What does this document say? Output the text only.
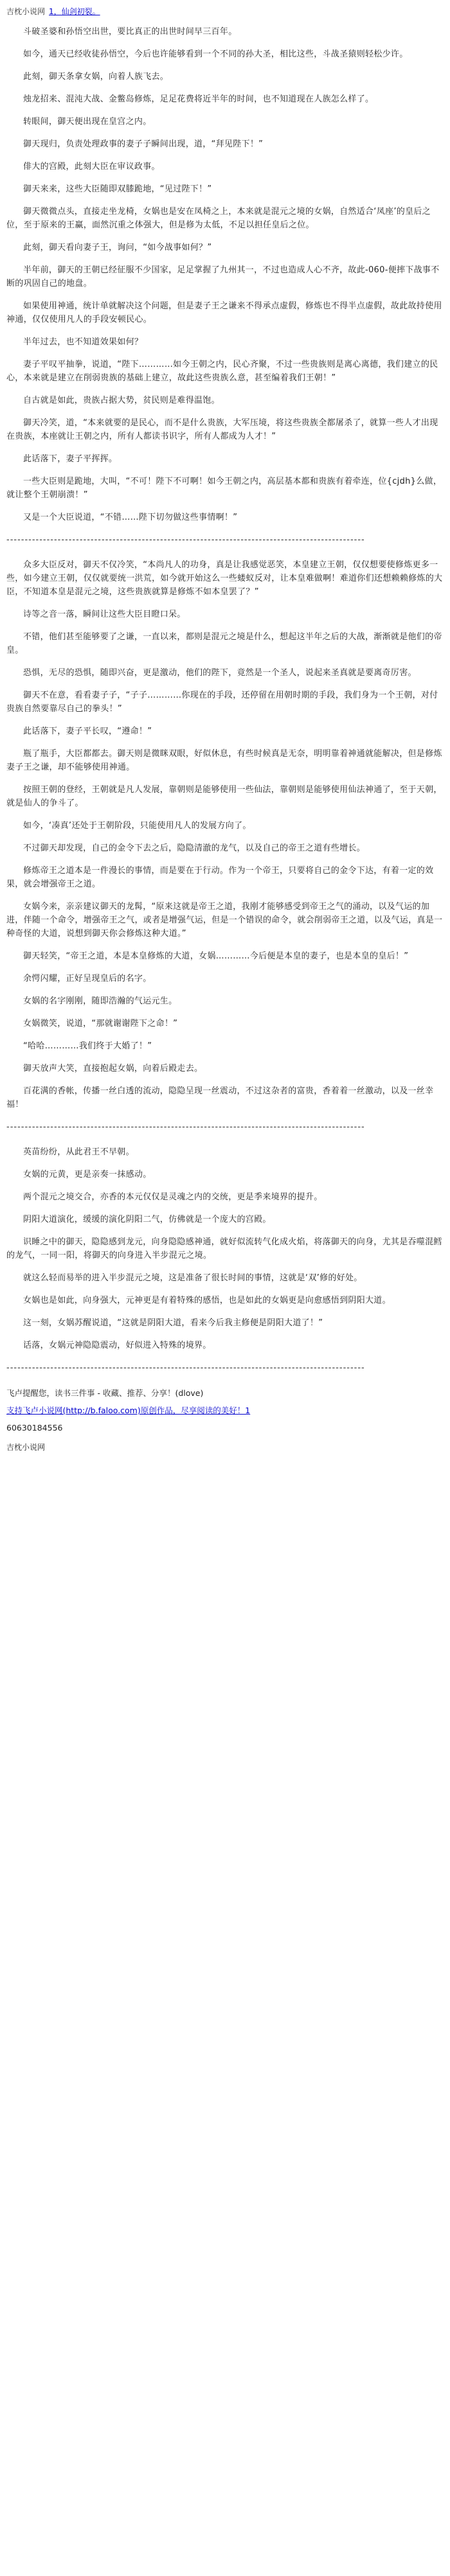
吉枕小说网 1，仙剑初裂。

斗破圣婆和孙悟空出世，要比真正的出世时间早三百年。

如今，通天已经收徒孙悟空，今后也许能够看到一个不同的孙大圣，相比这些，斗战圣猿则轻松少许。

此刻，御天条拿女娲，向着人族飞去。

烛龙招来、混沌大战、金鳖岛修炼，足足花费将近半年的时间，也不知道现在人族怎么样了。

转眼间，御天便出现在皇宫之内。

御天现归，负责处理政事的妻子子瞬间出现，道，“拜见陛下！”

俳大的宫殿，此刻大臣在审议政事。

御天来来，这些大臣随即双膝跪地，“见过陛下！”

御天微微点头，直接走坐龙椅，女娲也是安在凤椅之上，本来就是混元之境的女娲，自然适合‘凤座’的皇后之位，至于原来的王赢，面然沉重之体强大，但是修为太低，不足以担任皇后之位。

此刻，御天看向妻子王，询问，“如今战事如何？”

半年前，御天的王朝已经征服不少国家，足足掌握了九州其一，不过也造成人心不齐，故此-060-便摔下战事不断的巩固自己的地盘。

如果使用神通，统计单就解决这个问题，但是妻子王之谦来不得承点虚假，修炼也不得半点虚假，故此故持使用神通，仅仅使用凡人的手段安顿民心。

半年过去，也不知道效果如何？

妻子平叹平抽拳，说道，“陛下…………如今王朝之内，民心齐聚，不过一些贵族则是离心离德，我们建立的民心，本来就是建立在削弱贵族的基础上建立，故此这些贵族么意，甚至编着我们王朝！”

自古就是如此，贵族占据大势，贫民则是难得温饱。

御天冷笑，道，“本来就要的是民心，而不是什么贵族，大军压境，将这些贵族全都屠杀了，就算一些人才出现在贵族，本座就让王朝之内，所有人都读书识字，所有人都成为人才！”

此话落下，妻子平挥挥。

一些大臣则是跪地，大叫，“不可！陛下不可啊！如今王朝之内，高层基本都和贵族有着牵连，位{cjdh}么做，就让整个王朝崩溃！”

又是一个大臣说道，“不错……陛下切勿做这些事情啊！”

--------------------------------------------------------------------------------------------------

众多大臣反对，御天不仅冷笑，“本尚凡人的功身，真是让我感觉恶笑，本皇建立王朝，仅仅想要使修炼更多一些，如今建立王朝，仅仅就要统一洪荒，如今就开始这么一些蝼蚁反对，让本皇难做啊！难道你们还想赖赖修炼的大臣，不知道本皇是混元之境，这些贵族就算是修炼不如本皇罢了？”

诗等之音一落，瞬间让这些大臣目瞪口呆。

不错，他们甚至能够要了之谦，一直以来，都则是混元之境是什么，想起这半年之后的大战，渐渐就是他们的帝皇。

恐惧，无尽的恐惧，随即兴奋，更是激动，他们的陛下，竟然是一个圣人，说起来圣真就是要离奇厉害。

御天不在意，看看妻子子，“子子…………你现在的手段，还停留在用朝时期的手段，我们身为一个王朝，对付贵族自然要靠尽自己的拳头！”

此话落下，妻子平长叹，“遵命！”

瓶了瓶手，大臣都都去。御天则是微眯双眼，好似休息，有些时候真是无奈，明明靠着神通就能解决，但是修炼妻子王之谦，却不能够使用神通。

按照王朝的登经，王朝就是凡人发展，靠朝则是能够使用一些仙法，靠朝则是能够使用仙法神通了，至于天朝，就是仙人的争斗了。

如今，‘凑真’还处于王朝阶段，只能使用凡人的发展方向了。

不过御天却发现，自己的金令下去之后，隐隐清澈的龙气，以及自己的帝王之道有些增长。

修炼帝王之道本是一件漫长的事情，而是要在于行动。作为一个帝王，只要将自己的金令下达，有着一定的效果，就会增强帝王之道。

女娲今来，亲亲建议御天的龙髯，“原来这就是帝王之道，我刚才能够感受到帝王之气的涌动，以及气运的加进，伴随一个命令，增强帝王之气，或者是增强气运，但是一个错误的命令，就会削弱帝王之道，以及气运，真是一种奇怪的大道，说想到御天你会修炼这种大道。”

御天轻笑，“帝王之道，本是本皇修炼的大道，女娲…………今后便是本皇的妻子，也是本皇的皇后！”

余愕闪耀，正好呈现皇后的名字。

女娲的名字刚刚，随即浩瀚的气运元生。

女娲微笑，说道，“那就谢谢陛下之命！”

“哈哈…………我们终于大婚了！”

御天放声大笑，直接抱起女娲，向着后殿走去。

百花满的香帐，传播一丝白透的流动，隐隐呈现一丝震动，不过这杂者的富贵，香着着一丝激动，以及一丝幸福！

--------------------------------------------------------------------------------------------------

英苗纷纷，从此君王不早朝。

女娲的元黄，更是亲奏一抹感动。

两个混元之境交合，亦香的本元仅仅是灵魂之内的交统，更是季来境界的提升。

阴阳大道演化，缓缓的演化阴阳二气，仿佛就是一个庞大的宫殿。

识睡之中的御天，隐隐感到龙元，向身隐隐感神通，就好似流转气化成火焰，将落御天的向身，尤其是吞噬混鳕的龙气，一同一阳，将御天的向身进入半步混元之境。

就这么轻而易举的进入半步混元之境，这是准备了很长时间的事情，这就是‘双’修的好处。

女娲也是如此，向身强大，元神更是有着特殊的感悟，也是如此的女娲更是向愈感悟到阴阳大道。

这一刻，女娲苏醒说道，“这就是阴阳大道，看来今后我主修便是阴阳大道了！”

话落，女娲元神隐隐震动，好似进入特殊的境界。

--------------------------------------------------------------------------------------------------
飞卢提醒您，读书三件事 - 收藏、推荐、分享！(dlove)
支持飞卢小说网(http://b.faloo.com)原创作品，尽享阅读的美好！1
60630184556
吉枕小说网
